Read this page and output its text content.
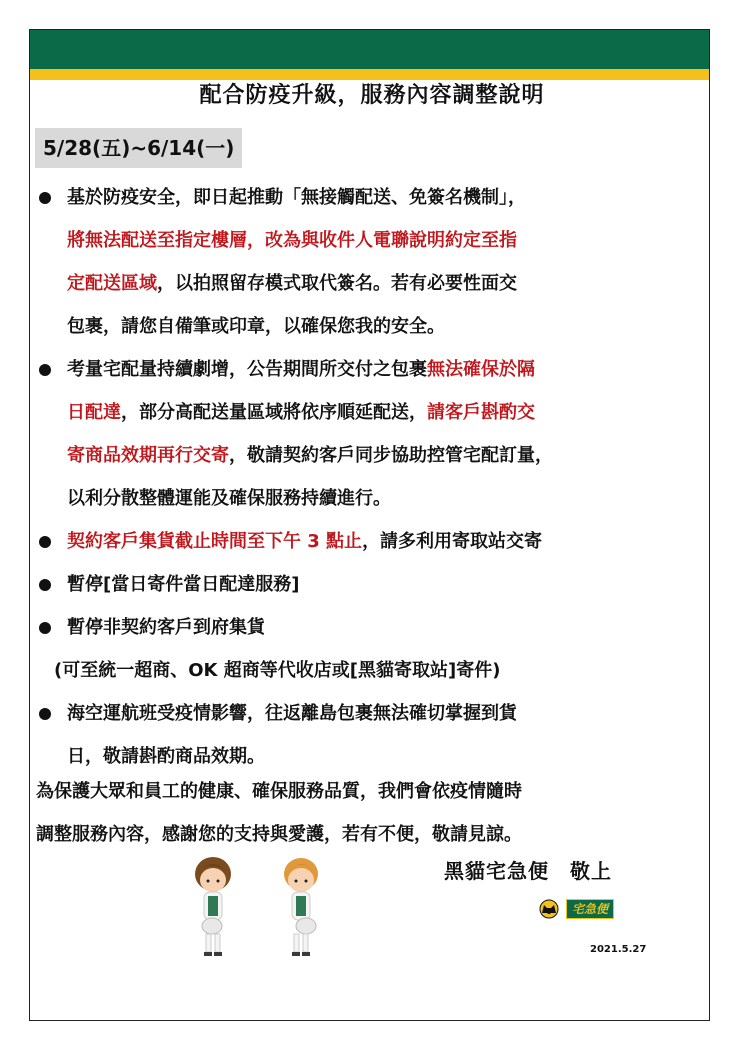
配合防疫升級，服務內容調整說明
5/28(五)~6/14(一)
基於防疫安全，即日起推動「無接觸配送、免簽名機制」，
將無法配送至指定樓層，改為與收件人電聯說明約定至指
定配送區域，以拍照留存模式取代簽名。若有必要性面交
包裹，請您自備筆或印章，以確保您我的安全。
考量宅配量持續劇增，公告期間所交付之包裹無法確保於隔
日配達，部分高配送量區域將依序順延配送，請客戶斟酌交
寄商品效期再行交寄，敬請契約客戶同步協助控管宅配訂量，
以利分散整體運能及確保服務持續進行。
契約客戶集貨截止時間至下午 3 點止，請多利用寄取站交寄
暫停[當日寄件當日配達服務]
暫停非契約客戶到府集貨
(可至統一超商、OK 超商等代收店或[黑貓寄取站]寄件)
海空運航班受疫情影響，往返離島包裹無法確切掌握到貨
日，敬請斟酌商品效期。
為保護大眾和員工的健康、確保服務品質，我們會依疫情隨時
調整服務內容，感謝您的支持與愛護，若有不便，敬請見諒。
黑貓宅急便　敬上
宅急便
2021.5.27
